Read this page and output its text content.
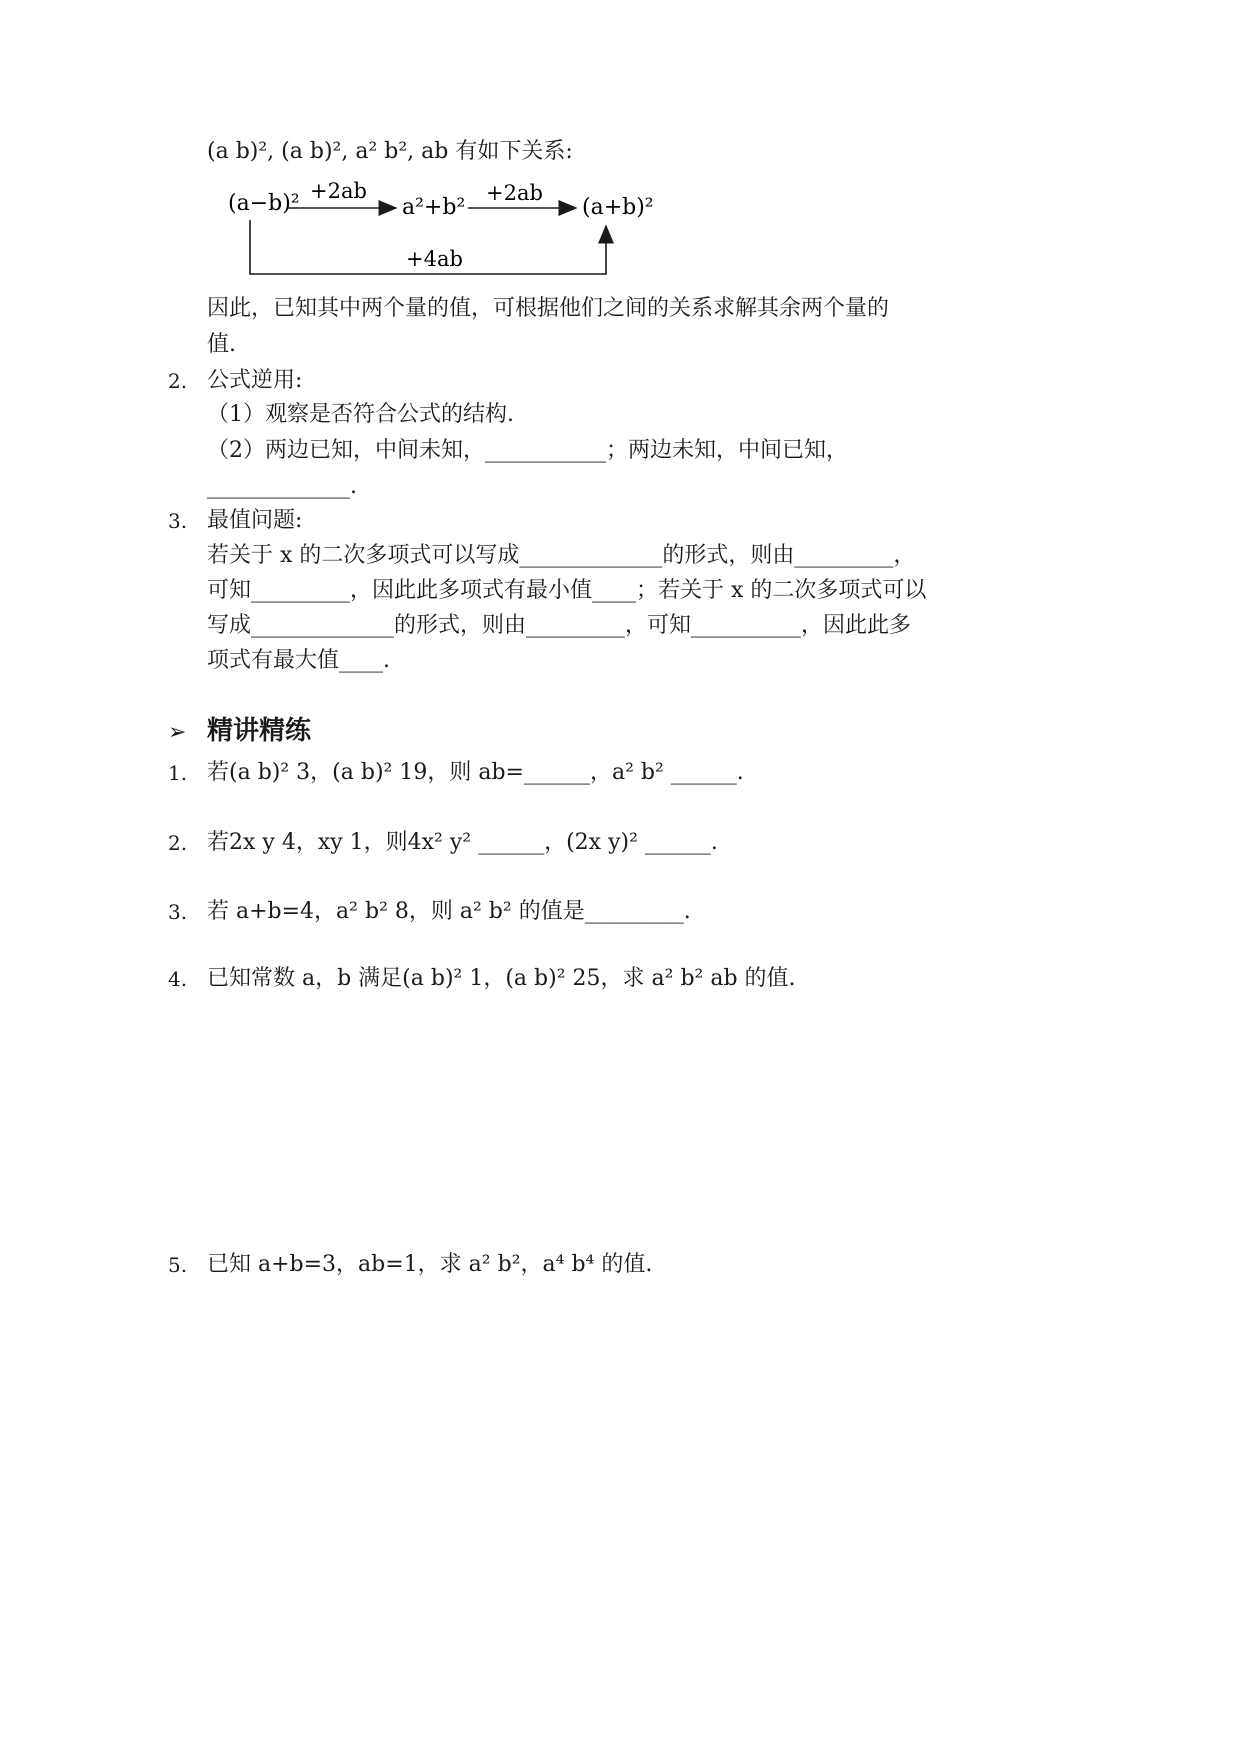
(a b)², (a b)², a² b², ab 有如下关系:
(a−b)² +2ab
a²+b²
+2ab
(a+b)²
+4ab
因此，已知其中两个量的值，可根据他们之间的关系求解其余两个量的
值.
2. 公式逆用:
（1）观察是否符合公式的结构.
（2）两边已知，中间未知，___________；两边未知，中间已知，
_____________.
3. 最值问题:
若关于 x 的二次多项式可以写成_____________的形式，则由_________，
可知_________，因此此多项式有最小值____；若关于 x 的二次多项式可以
写成_____________的形式，则由_________，可知__________，因此此多
项式有最大值____.
➢ 精讲精练
1. 若(a b)² 3，(a b)² 19，则 ab=______，a² b² ______.
2. 若2x y 4，xy 1，则4x² y² ______，(2x y)² ______.
3. 若 a+b=4，a² b² 8，则 a² b² 的值是_________.
4. 已知常数 a，b 满足(a b)² 1，(a b)² 25，求 a² b² ab 的值.
5. 已知 a+b=3，ab=1，求 a² b²，a⁴ b⁴ 的值.
